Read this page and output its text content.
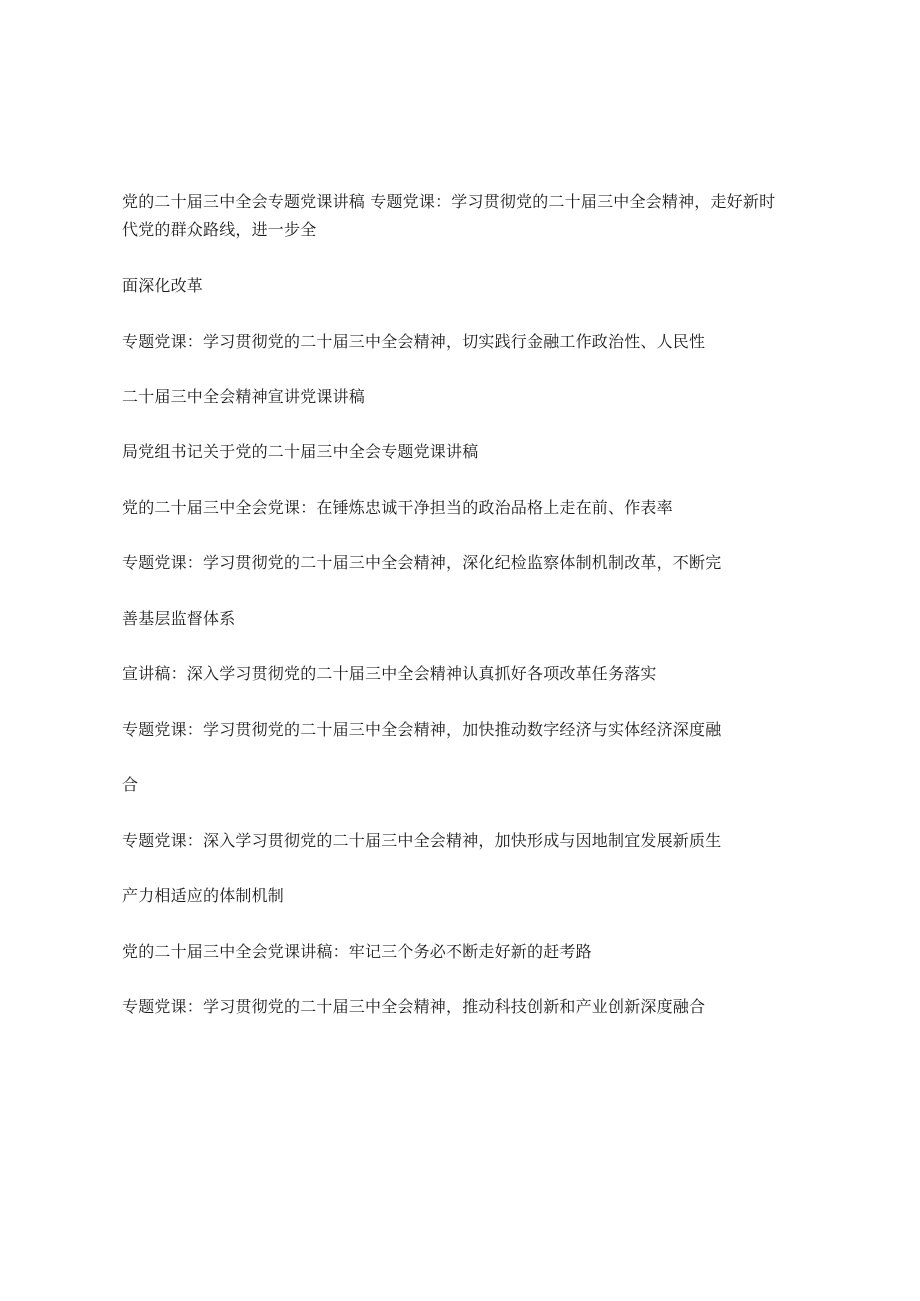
党的二十届三中全会专题党课讲稿 专题党课：学习贯彻党的二十届三中全会精神，走好新时

代党的群众路线，进一步全

面深化改革

专题党课：学习贯彻党的二十届三中全会精神，切实践行金融工作政治性、人民性

二十届三中全会精神宣讲党课讲稿

局党组书记关于党的二十届三中全会专题党课讲稿

党的二十届三中全会党课：在锤炼忠诚干净担当的政治品格上走在前、作表率

专题党课：学习贯彻党的二十届三中全会精神，深化纪检监察体制机制改革，不断完

善基层监督体系

宣讲稿：深入学习贯彻党的二十届三中全会精神认真抓好各项改革任务落实

专题党课：学习贯彻党的二十届三中全会精神，加快推动数字经济与实体经济深度融

合

专题党课：深入学习贯彻党的二十届三中全会精神，加快形成与因地制宜发展新质生

产力相适应的体制机制

党的二十届三中全会党课讲稿：牢记三个务必不断走好新的赶考路

专题党课：学习贯彻党的二十届三中全会精神，推动科技创新和产业创新深度融合
